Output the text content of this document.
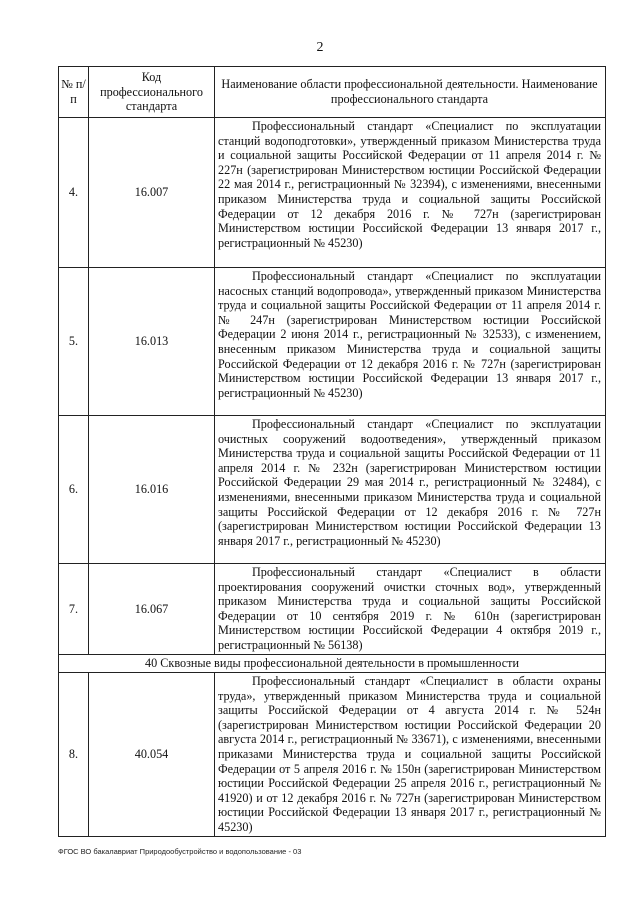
2
№ п/п	Код профессионального стандарта	Наименование области профессиональной деятельности. Наименование профессионального стандарта
4.	16.007	Профессиональный стандарт «Специалист по эксплуатации станций водоподготовки», утвержденный приказом Министерства труда и социальной защиты Российской Федерации от 11 апреля 2014 г. № 227н (зарегистрирован Министерством юстиции Российской Федерации 22 мая 2014 г., регистрационный № 32394), с изменениями, внесенными приказом Министерства труда и социальной защиты Российской Федерации от 12 декабря 2016 г. № 727н (зарегистрирован Министерством юстиции Российской Федерации 13 января 2017 г., регистрационный № 45230)

5.	16.013	Профессиональный стандарт «Специалист по эксплуатации насосных станций водопровода», утвержденный приказом Министерства труда и социальной защиты Российской Федерации от 11 апреля 2014 г. № 247н (зарегистрирован Министерством юстиции Российской Федерации 2 июня 2014 г., регистрационный № 32533), с изменением, внесенным приказом Министерства труда и социальной защиты Российской Федерации от 12 декабря 2016 г. № 727н (зарегистрирован Министерством юстиции Российской Федерации 13 января 2017 г., регистрационный № 45230)

6.	16.016	Профессиональный стандарт «Специалист по эксплуатации очистных сооружений водоотведения», утвержденный приказом Министерства труда и социальной защиты Российской Федерации от 11 апреля 2014 г. № 232н (зарегистрирован Министерством юстиции Российской Федерации 29 мая 2014 г., регистрационный № 32484), с изменениями, внесенными приказом Министерства труда и социальной защиты Российской Федерации от 12 декабря 2016 г. № 727н (зарегистрирован Министерством юстиции Российской Федерации 13 января 2017 г., регистрационный № 45230)

7.	16.067	Профессиональный стандарт «Специалист в области проектирования сооружений очистки сточных вод», утвержденный приказом Министерства труда и социальной защиты Российской Федерации от 10 сентября 2019 г. № 610н (зарегистрирован Министерством юстиции Российской Федерации 4 октября 2019 г., регистрационный № 56138)

40 Сквозные виды профессиональной деятельности в промышленности		
8.	40.054	Профессиональный стандарт «Специалист в области охраны труда», утвержденный приказом Министерства труда и социальной защиты Российской Федерации от 4 августа 2014 г. № 524н (зарегистрирован Министерством юстиции Российской Федерации 20 августа 2014 г., регистрационный № 33671), с изменениями, внесенными приказами Министерства труда и социальной защиты Российской Федерации от 5 апреля 2016 г. № 150н (зарегистрирован Министерством юстиции Российской Федерации 25 апреля 2016 г., регистрационный № 41920) и от 12 декабря 2016 г. № 727н (зарегистрирован Министерством юстиции Российской Федерации 13 января 2017 г., регистрационный № 45230)
ФГОС ВО бакалавриат Природообустройство и водопользование - 03
